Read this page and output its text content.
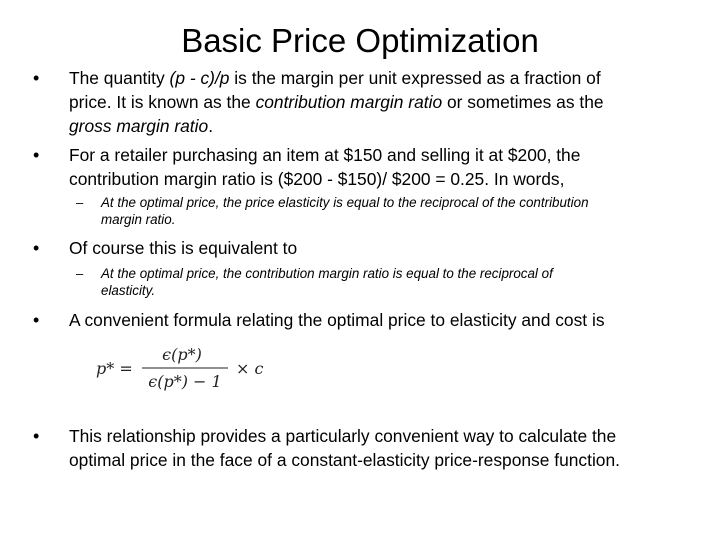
Basic Price Optimization
• The quantity (p - c)/p is the margin per unit expressed as a fraction of
price. It is known as the contribution margin ratio or sometimes as the
gross margin ratio.
• For a retailer purchasing an item at $150 and selling it at $200, the
contribution margin ratio is ($200 - $150)/ $200 = 0.25. In words,
– At the optimal price, the price elasticity is equal to the reciprocal of the contribution
margin ratio.
• Of course this is equivalent to
– At the optimal price, the contribution margin ratio is equal to the reciprocal of
elasticity.
• A convenient formula relating the optimal price to elasticity and cost is
p* =
ϵ(p*)
ϵ(p*) − 1
× c
• This relationship provides a particularly convenient way to calculate the
optimal price in the face of a constant-elasticity price-response function.
